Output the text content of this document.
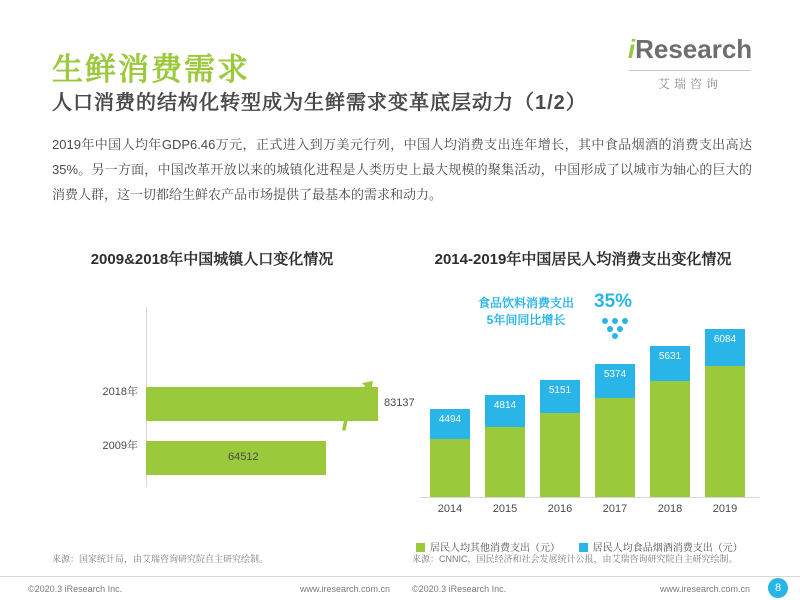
生鲜消费需求
人口消费的结构化转型成为生鲜需求变革底层动力（1/2）
iResearch
艾瑞咨询
2019年中国人均年GDP6.46万元，正式进入到万美元行列，中国人均消费支出连年增长，其中食品烟酒的消费支出高达35%。另一方面，中国改革开放以来的城镇化进程是人类历史上最大规模的聚集活动，中国形成了以城市为轴心的巨大的消费人群，这一切都给生鲜农产品市场提供了最基本的需求和动力。
2009&2018年中国城镇人口变化情况
2018年
83137
2009年
64512
增长84.8%
2014-2019年中国居民人均消费支出变化情况
食品饮料消费支出
5年间同比增长
35%
4494
2014
4814
2015
5151
2016
5374
2017
5631
2018
6084
2019
居民人均其他消费支出（元）	居民人均食品烟酒消费支出（元）
来源：国家统计局，由艾瑞咨询研究院自主研究绘制。	来源：CNNIC，国民经济和社会发展统计公报，由艾瑞咨询研究院自主研究绘制。
©2020.3 iResearch Inc.	www.iresearch.com.cn ©2020.3 iResearch Inc.	www.iresearch.com.cn	8
